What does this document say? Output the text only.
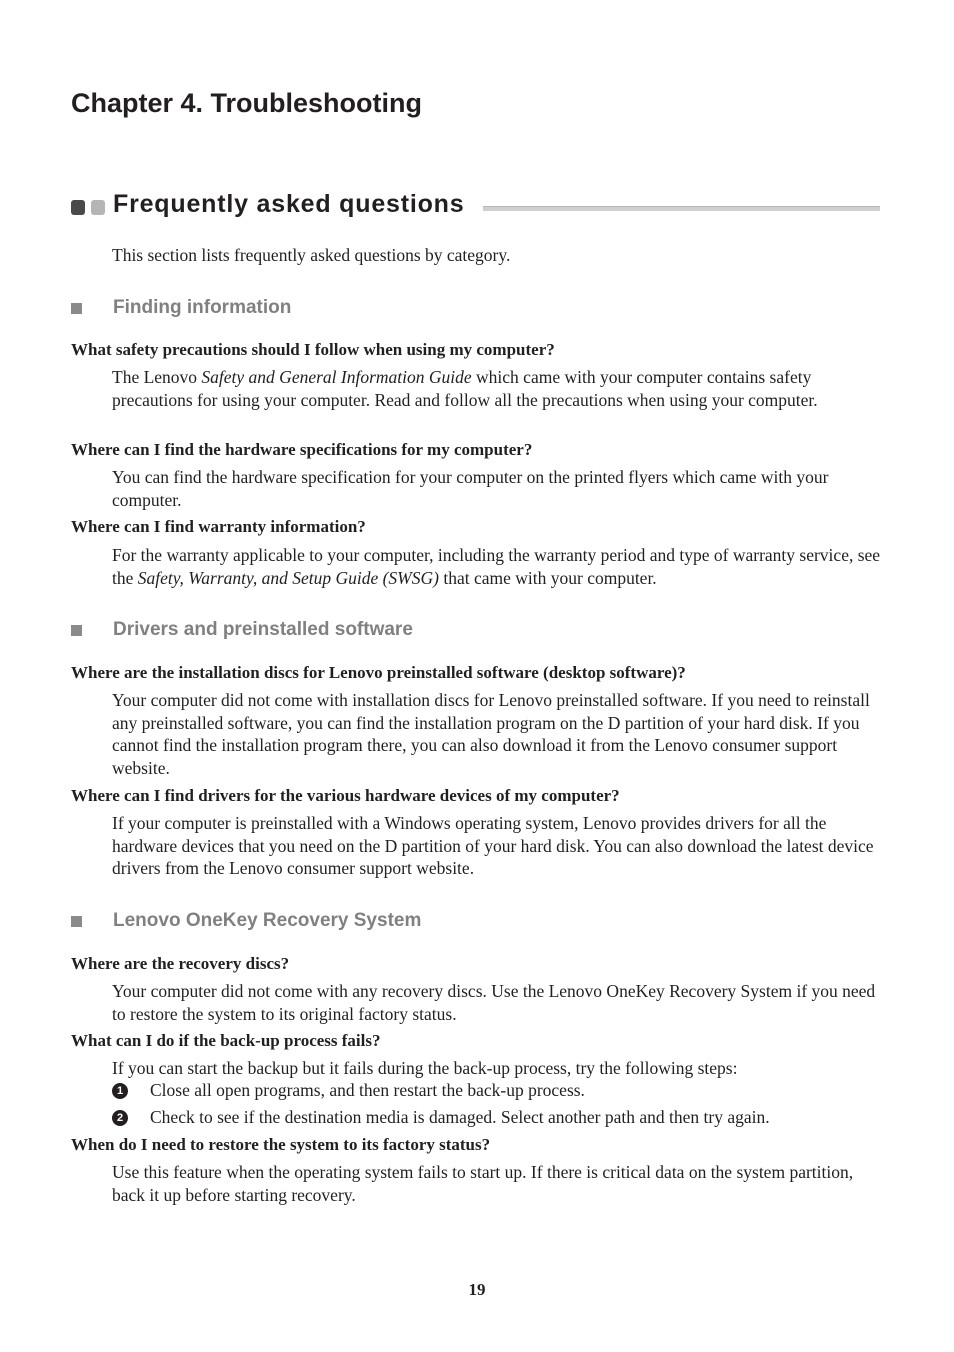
Chapter 4. Troubleshooting
Frequently asked questions

This section lists frequently asked questions by category.

Finding information

What safety precautions should I follow when using my computer?

The Lenovo Safety and General Information Guide which came with your computer contains safety precautions for using your computer. Read and follow all the precautions when using your computer.

Where can I find the hardware specifications for my computer?

You can find the hardware specification for your computer on the printed flyers which came with your computer.

Where can I find warranty information?

For the warranty applicable to your computer, including the warranty period and type of warranty service, see the Safety, Warranty, and Setup Guide (SWSG) that came with your computer.

Drivers and preinstalled software

Where are the installation discs for Lenovo preinstalled software (desktop software)?

Your computer did not come with installation discs for Lenovo preinstalled software. If you need to reinstall any preinstalled software, you can find the installation program on the D partition of your hard disk. If you cannot find the installation program there, you can also download it from the Lenovo consumer support website.

Where can I find drivers for the various hardware devices of my computer?

If your computer is preinstalled with a Windows operating system, Lenovo provides drivers for all the hardware devices that you need on the D partition of your hard disk. You can also download the latest device drivers from the Lenovo consumer support website.

Lenovo OneKey Recovery System

Where are the recovery discs?

Your computer did not come with any recovery discs. Use the Lenovo OneKey Recovery System if you need to restore the system to its original factory status.

What can I do if the back-up process fails?

If you can start the backup but it fails during the back-up process, try the following steps:

1 Close all open programs, and then restart the back-up process.
2 Check to see if the destination media is damaged. Select another path and then try again.

When do I need to restore the system to its factory status?

Use this feature when the operating system fails to start up. If there is critical data on the system partition, back it up before starting recovery.

19
